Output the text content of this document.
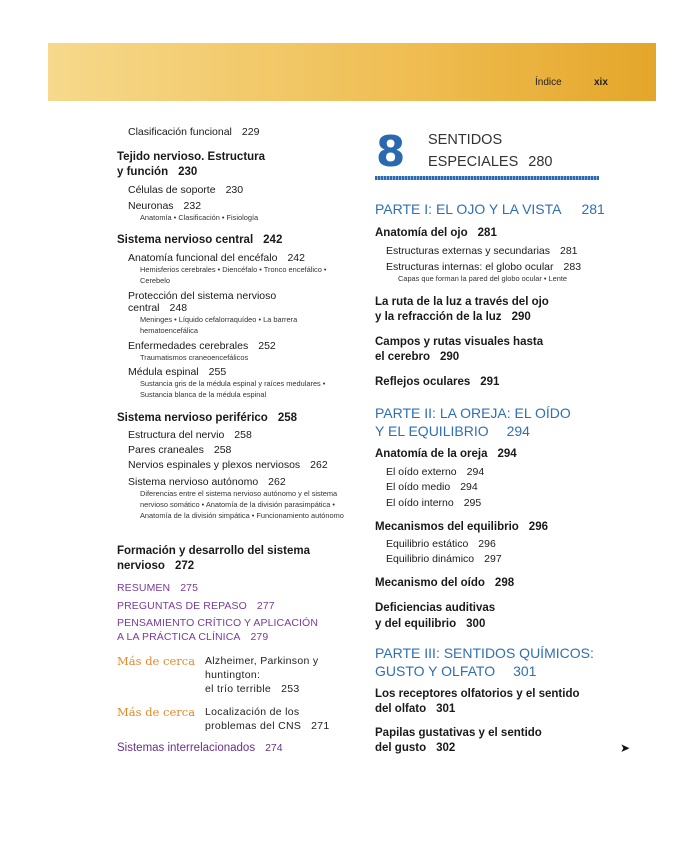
Índice	xix
Clasificación funcional 229
Tejido nervioso. Estructura
y función 230
Células de soporte 230
Neuronas 232
Anatomía • Clasificación • Fisiología
Sistema nervioso central 242
Anatomía funcional del encéfalo 242
Hemisferios cerebrales • Diencéfalo • Tronco encefálico • Cerebelo
Protección del sistema nervioso
central 248
Meninges • Líquido cefalorraquídeo • La barrera hematoencefálica
Enfermedades cerebrales 252
Traumatismos craneoencefálicos
Médula espinal 255
Sustancia gris de la médula espinal y raíces medulares • Sustancia blanca de la médula espinal
Sistema nervioso periférico 258
Estructura del nervio 258
Pares craneales 258
Nervios espinales y plexos nerviosos 262
Sistema nervioso autónomo 262
Diferencias entre el sistema nervioso autónomo y el sistema nervioso somático • Anatomía de la división parasimpática • Anatomía de la división simpática • Funcionamiento autónomo
Formación y desarrollo del sistema
nervioso 272
RESUMEN 275
PREGUNTAS DE REPASO 277
PENSAMIENTO CRÍTICO Y APLICACIÓN
A LA PRÁCTICA CLÍNICA 279
Más de cerca Alzheimer, Parkinson y
huntington:
el trío terrible 253
Más de cerca Localización de los
problemas del CNS 271
Sistemas interrelacionados 274
8 SENTIDOS
ESPECIALES 280
PARTE I: EL OJO Y LA VISTA 281
Anatomía del ojo 281
Estructuras externas y secundarias 281
Estructuras internas: el globo ocular 283
Capas que forman la pared del globo ocular • Lente
La ruta de la luz a través del ojo
y la refracción de la luz 290
Campos y rutas visuales hasta
el cerebro 290
Reflejos oculares 291
PARTE II: LA OREJA: EL OÍDO
Y EL EQUILIBRIO 294
Anatomía de la oreja 294
El oído externo 294
El oído medio 294
El oído interno 295
Mecanismos del equilibrio 296
Equilibrio estático 296
Equilibrio dinámico 297
Mecanismo del oído 298
Deficiencias auditivas
y del equilibrio 300
PARTE III: SENTIDOS QUÍMICOS:
GUSTO Y OLFATO 301
Los receptores olfatorios y el sentido
del olfato 301
Papilas gustativas y el sentido
del gusto 302	➤
